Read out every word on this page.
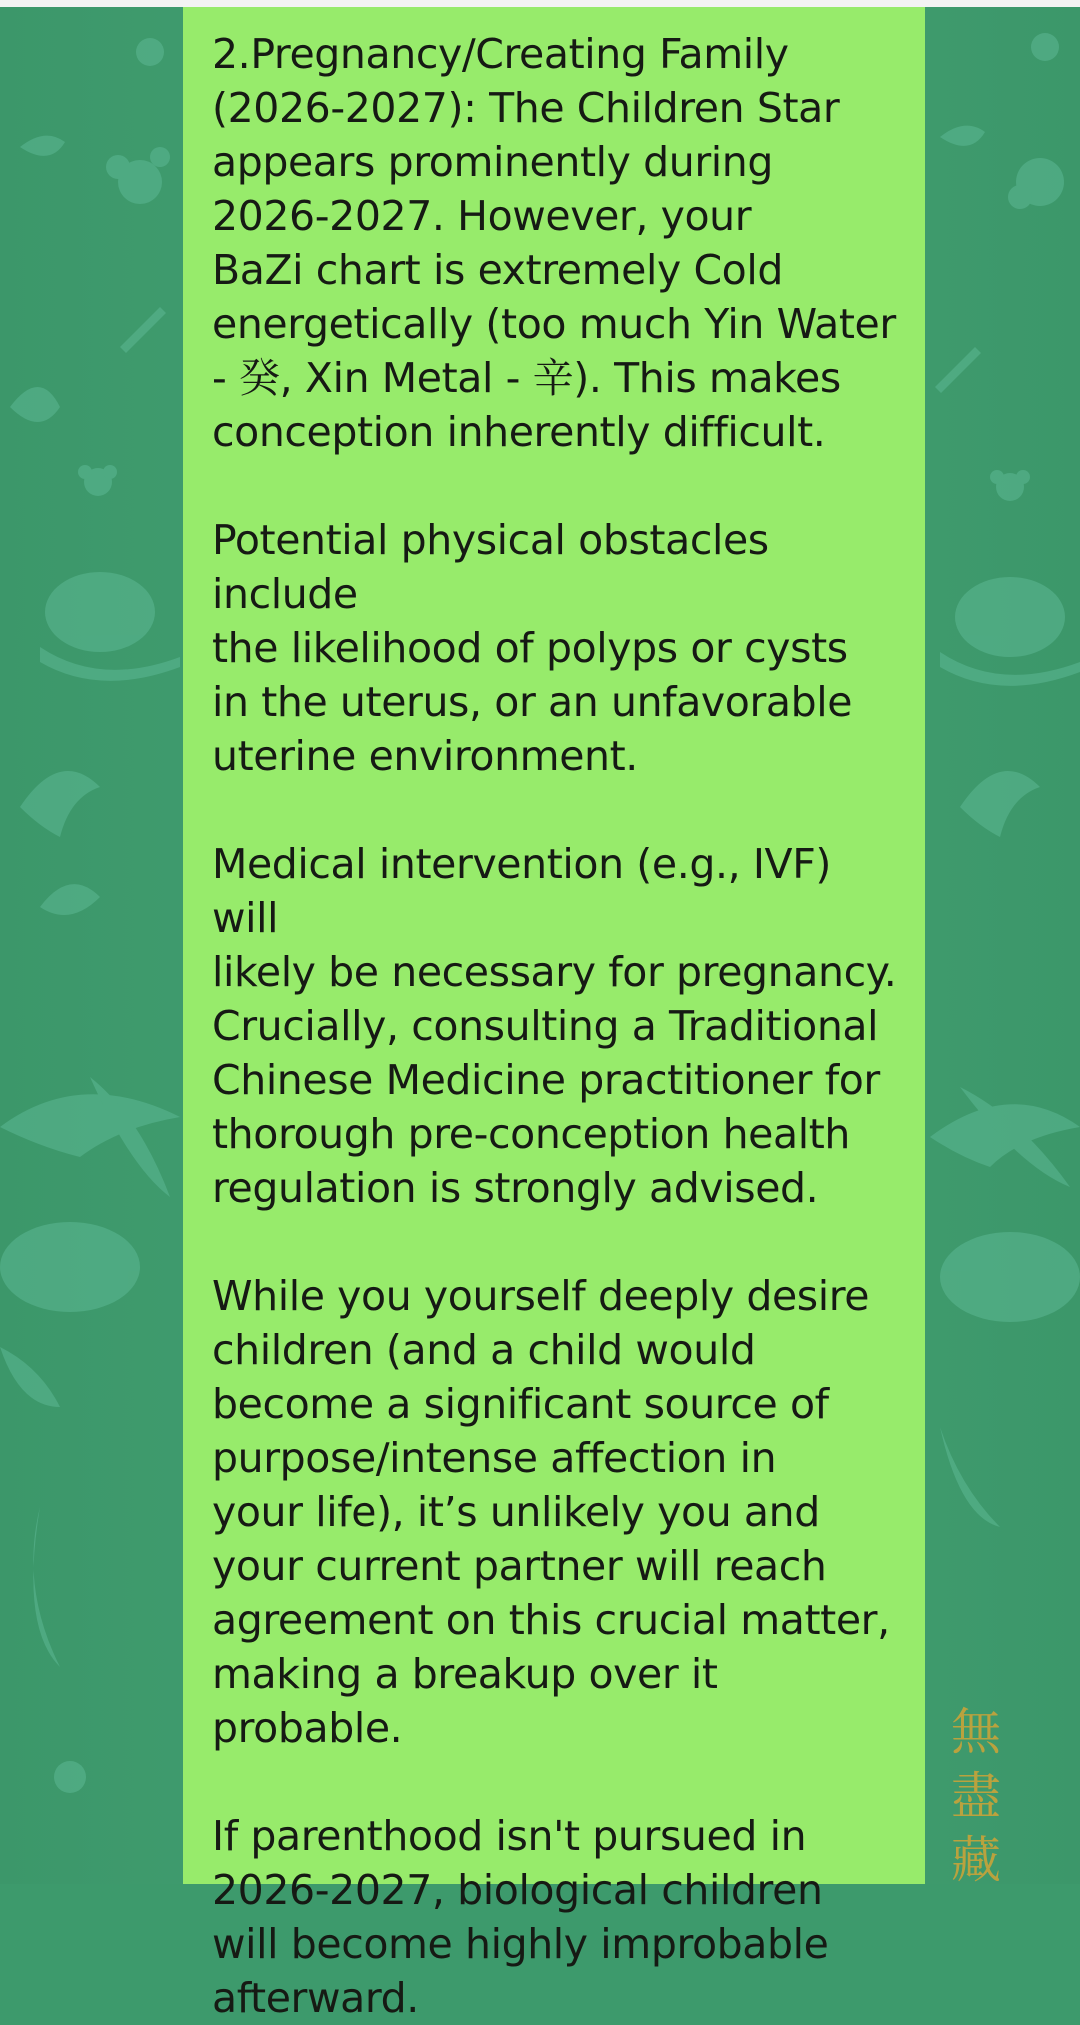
2.Pregnancy/Creating Family
(2026-2027): The Children Star
appears prominently during
2026-2027. However, your
BaZi chart is extremely Cold
energetically (too much Yin Water
- 癸, Xin Metal - 辛). This makes
conception inherently difficult.

Potential physical obstacles include
the likelihood of polyps or cysts
in the uterus, or an unfavorable
uterine environment.

Medical intervention (e.g., IVF) will
likely be necessary for pregnancy.
Crucially, consulting a Traditional
Chinese Medicine practitioner for
thorough pre-conception health
regulation is strongly advised.

While you yourself deeply desire
children (and a child would
become a significant source of
purpose/intense affection in
your life), it’s unlikely you and
your current partner will reach
agreement on this crucial matter,
making a breakup over it probable.

If parenthood isn't pursued in
2026-2027, biological children
will become highly improbable
afterward.

無
盡
藏
